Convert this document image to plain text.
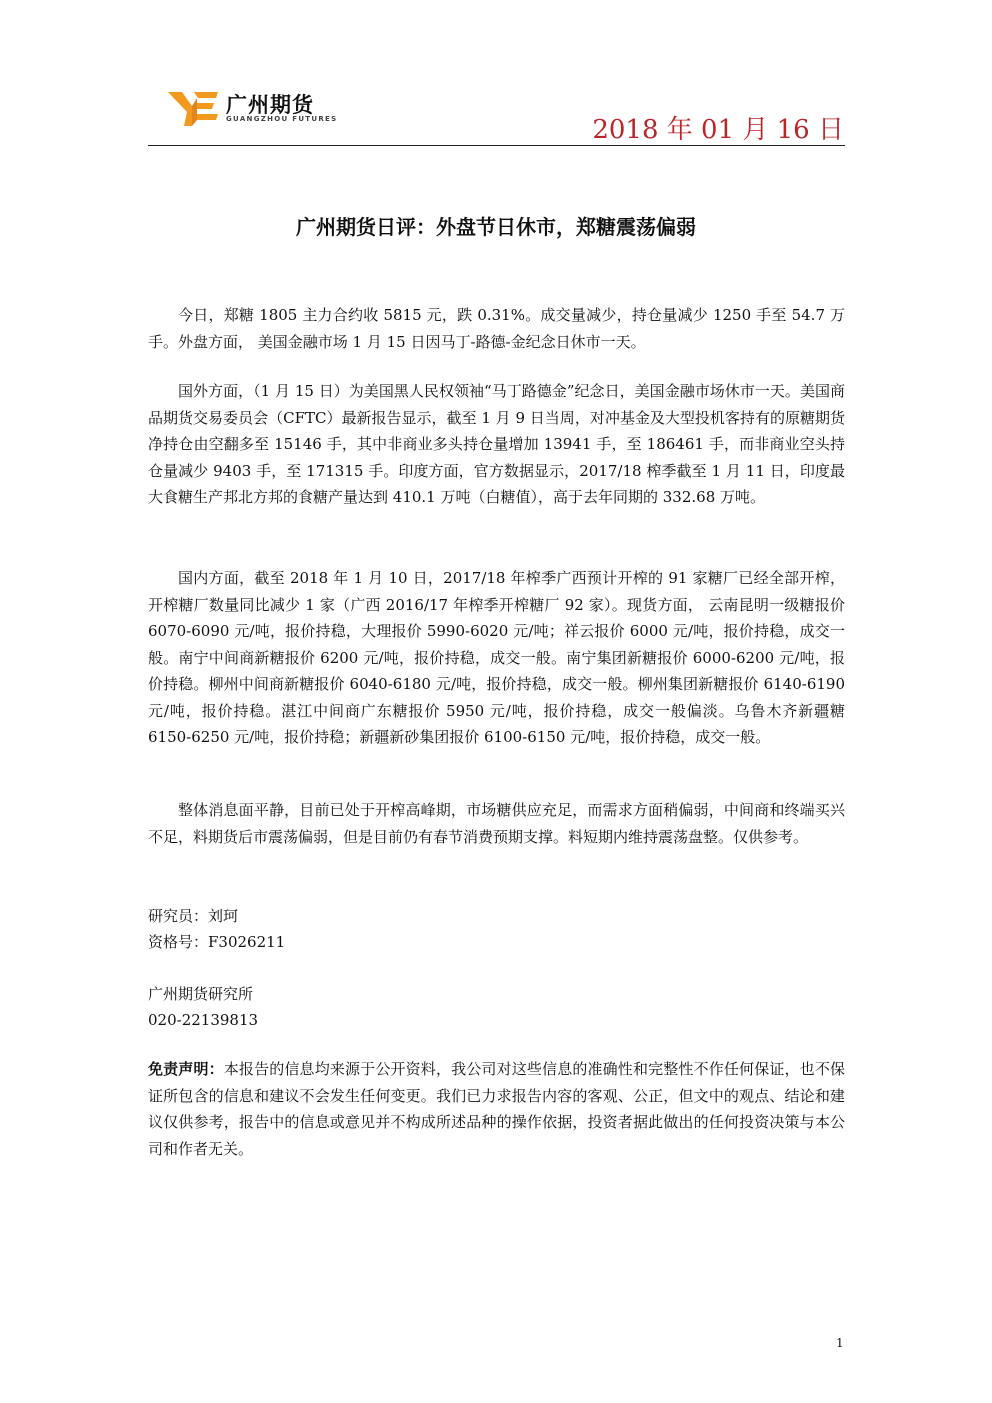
广州期货
GUANGZHOU FUTURES	2018 年 01 月 16 日
广州期货日评：外盘节日休市，郑糖震荡偏弱
今日，郑糖 1805 主力合约收 5815 元，跌 0.31%。成交量减少，持仓量减少 1250 手至 54.7 万手。外盘方面， 美国金融市场 1 月 15 日因马丁-路德-金纪念日休市一天。
国外方面，（1 月 15 日）为美国黑人民权领袖“马丁路德金”纪念日，美国金融市场休市一天。美国商品期货交易委员会（CFTC）最新报告显示，截至 1 月 9 日当周，对冲基金及大型投机客持有的原糖期货净持仓由空翻多至 15146 手，其中非商业多头持仓量增加 13941 手，至 186461 手，而非商业空头持仓量减少 9403 手，至 171315 手。印度方面，官方数据显示，2017/18 榨季截至 1 月 11 日，印度最大食糖生产邦北方邦的食糖产量达到 410.1 万吨（白糖值），高于去年同期的 332.68 万吨。
国内方面，截至 2018 年 1 月 10 日，2017/18 年榨季广西预计开榨的 91 家糖厂已经全部开榨，开榨糖厂数量同比减少 1 家（广西 2016/17 年榨季开榨糖厂 92 家）。现货方面， 云南昆明一级糖报价 6070-6090 元/吨，报价持稳，大理报价 5990-6020 元/吨；祥云报价 6000 元/吨，报价持稳，成交一般。南宁中间商新糖报价 6200 元/吨，报价持稳，成交一般。南宁集团新糖报价 6000-6200 元/吨，报价持稳。柳州中间商新糖报价 6040-6180 元/吨，报价持稳，成交一般。柳州集团新糖报价 6140-6190 元/吨，报价持稳。湛江中间商广东糖报价 5950 元/吨，报价持稳，成交一般偏淡。乌鲁木齐新疆糖 6150-6250 元/吨，报价持稳；新疆新砂集团报价 6100-6150 元/吨，报价持稳，成交一般。
整体消息面平静，目前已处于开榨高峰期，市场糖供应充足，而需求方面稍偏弱，中间商和终端买兴不足，料期货后市震荡偏弱，但是目前仍有春节消费预期支撑。料短期内维持震荡盘整。仅供参考。
研究员：刘珂
资格号：F3026211
广州期货研究所
020-22139813
免责声明：本报告的信息均来源于公开资料，我公司对这些信息的准确性和完整性不作任何保证，也不保证所包含的信息和建议不会发生任何变更。我们已力求报告内容的客观、公正，但文中的观点、结论和建议仅供参考，报告中的信息或意见并不构成所述品种的操作依据，投资者据此做出的任何投资决策与本公司和作者无关。
1
